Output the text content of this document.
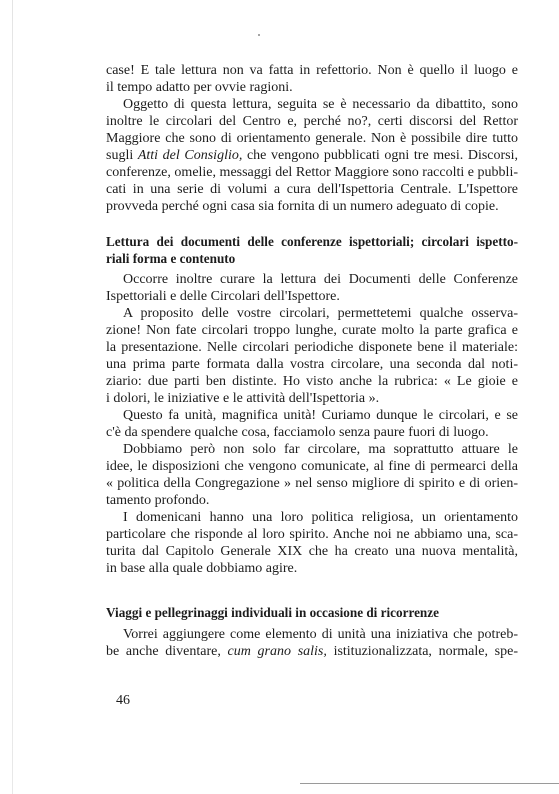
case! E tale lettura non va fatta in refettorio. Non è quello il luogo e
il tempo adatto per ovvie ragioni.
Oggetto di questa lettura, seguita se è necessario da dibattito, sono
inoltre le circolari del Centro e, perché no?, certi discorsi del Rettor
Maggiore che sono di orientamento generale. Non è possibile dire tutto
sugli Atti del Consiglio, che vengono pubblicati ogni tre mesi. Discorsi,
conferenze, omelie, messaggi del Rettor Maggiore sono raccolti e pubbli-
cati in una serie di volumi a cura dell'Ispettoria Centrale. L'Ispettore
provveda perché ogni casa sia fornita di un numero adeguato di copie.
Lettura dei documenti delle conferenze ispettoriali; circolari ispetto-
riali forma e contenuto
Occorre inoltre curare la lettura dei Documenti delle Conferenze
Ispettoriali e delle Circolari dell'Ispettore.
A proposito delle vostre circolari, permettetemi qualche osserva-
zione! Non fate circolari troppo lunghe, curate molto la parte grafica e
la presentazione. Nelle circolari periodiche disponete bene il materiale:
una prima parte formata dalla vostra circolare, una seconda dal noti-
ziario: due parti ben distinte. Ho visto anche la rubrica: « Le gioie e
i dolori, le iniziative e le attività dell'Ispettoria ».
Questo fa unità, magnifica unità! Curiamo dunque le circolari, e se
c'è da spendere qualche cosa, facciamolo senza paure fuori di luogo.
Dobbiamo però non solo far circolare, ma soprattutto attuare le
idee, le disposizioni che vengono comunicate, al fine di permearci della
« politica della Congregazione » nel senso migliore di spirito e di orien-
tamento profondo.
I domenicani hanno una loro politica religiosa, un orientamento
particolare che risponde al loro spirito. Anche noi ne abbiamo una, sca-
turita dal Capitolo Generale XIX che ha creato una nuova mentalità,
in base alla quale dobbiamo agire.
Viaggi e pellegrinaggi individuali in occasione di ricorrenze
Vorrei aggiungere come elemento di unità una iniziativa che potreb-
be anche diventare, cum grano salis, istituzionalizzata, normale, spe-
46
